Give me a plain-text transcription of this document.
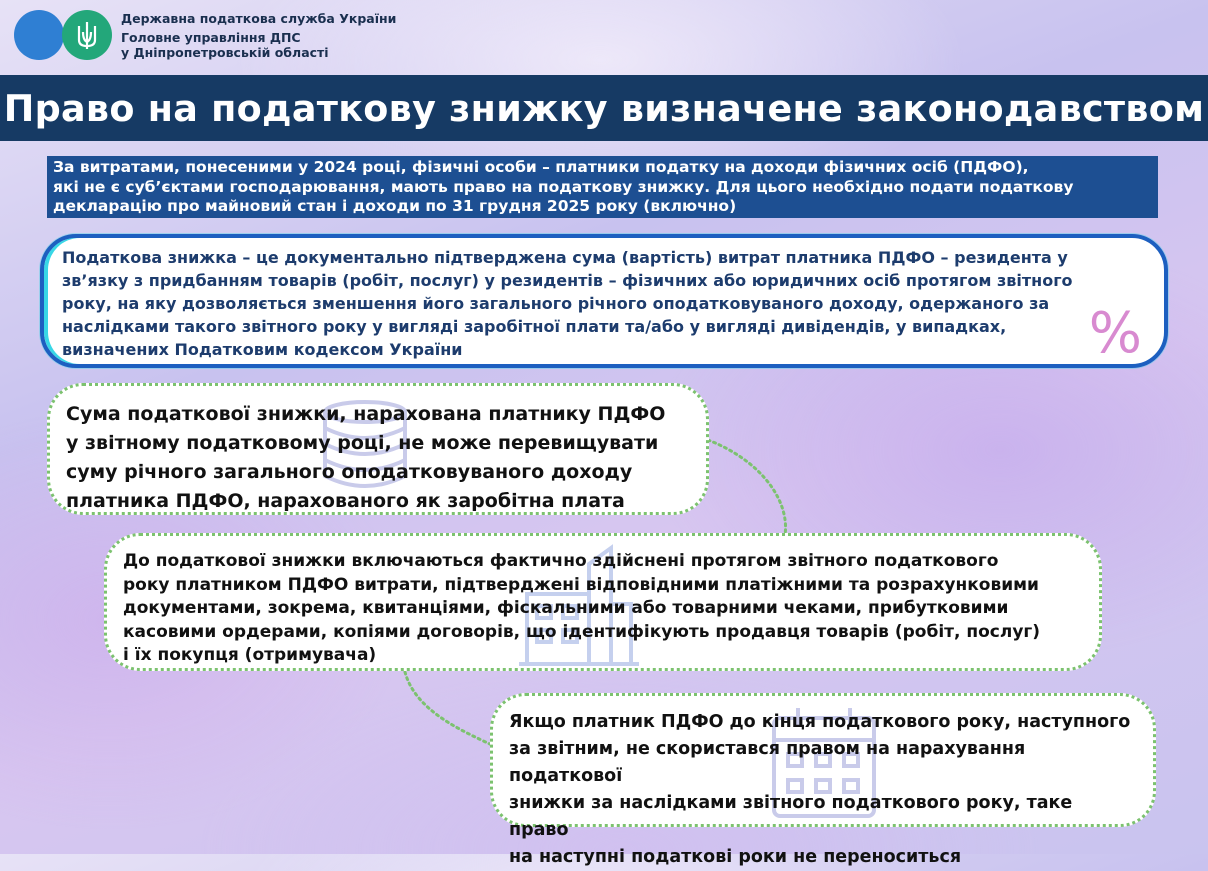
Державна податкова служба України
Головне управління ДПС
у Дніпропетровській області
Право на податкову знижку визначене законодавством
За витратами, понесеними у 2024 році, фізичні особи – платники податку на доходи фізичних осіб (ПДФО),
які не є суб’єктами господарювання, мають право на податкову знижку. Для цього необхідно подати податкову
декларацію про майновий стан і доходи по 31 грудня 2025 року (включно)
Податкова знижка – це документально підтверджена сума (вартість) витрат платника ПДФО – резидента у
зв’язку з придбанням товарів (робіт, послуг) у резидентів – фізичних або юридичних осіб протягом звітного
року, на яку дозволяється зменшення його загального річного оподатковуваного доходу, одержаного за
наслідками такого звітного року у вигляді заробітної плати та/або у вигляді дивідендів, у випадках,
визначених Податковим кодексом України	%
Сума податкової знижки, нарахована платнику ПДФО
у звітному податковому році, не може перевищувати
суму річного загального оподатковуваного доходу
платника ПДФО, нарахованого як заробітна плата
До податкової знижки включаються фактично здійснені протягом звітного податкового
року платником ПДФО витрати, підтверджені відповідними платіжними та розрахунковими
документами, зокрема, квитанціями, фіскальними або товарними чеками, прибутковими
касовими ордерами, копіями договорів, що ідентифікують продавця товарів (робіт, послуг)
і їх покупця (отримувача)
Якщо платник ПДФО до кінця податкового року, наступного
за звітним, не скористався правом на нарахування податкової
знижки за наслідками звітного податкового року, таке право
на наступні податкові роки не переноситься
